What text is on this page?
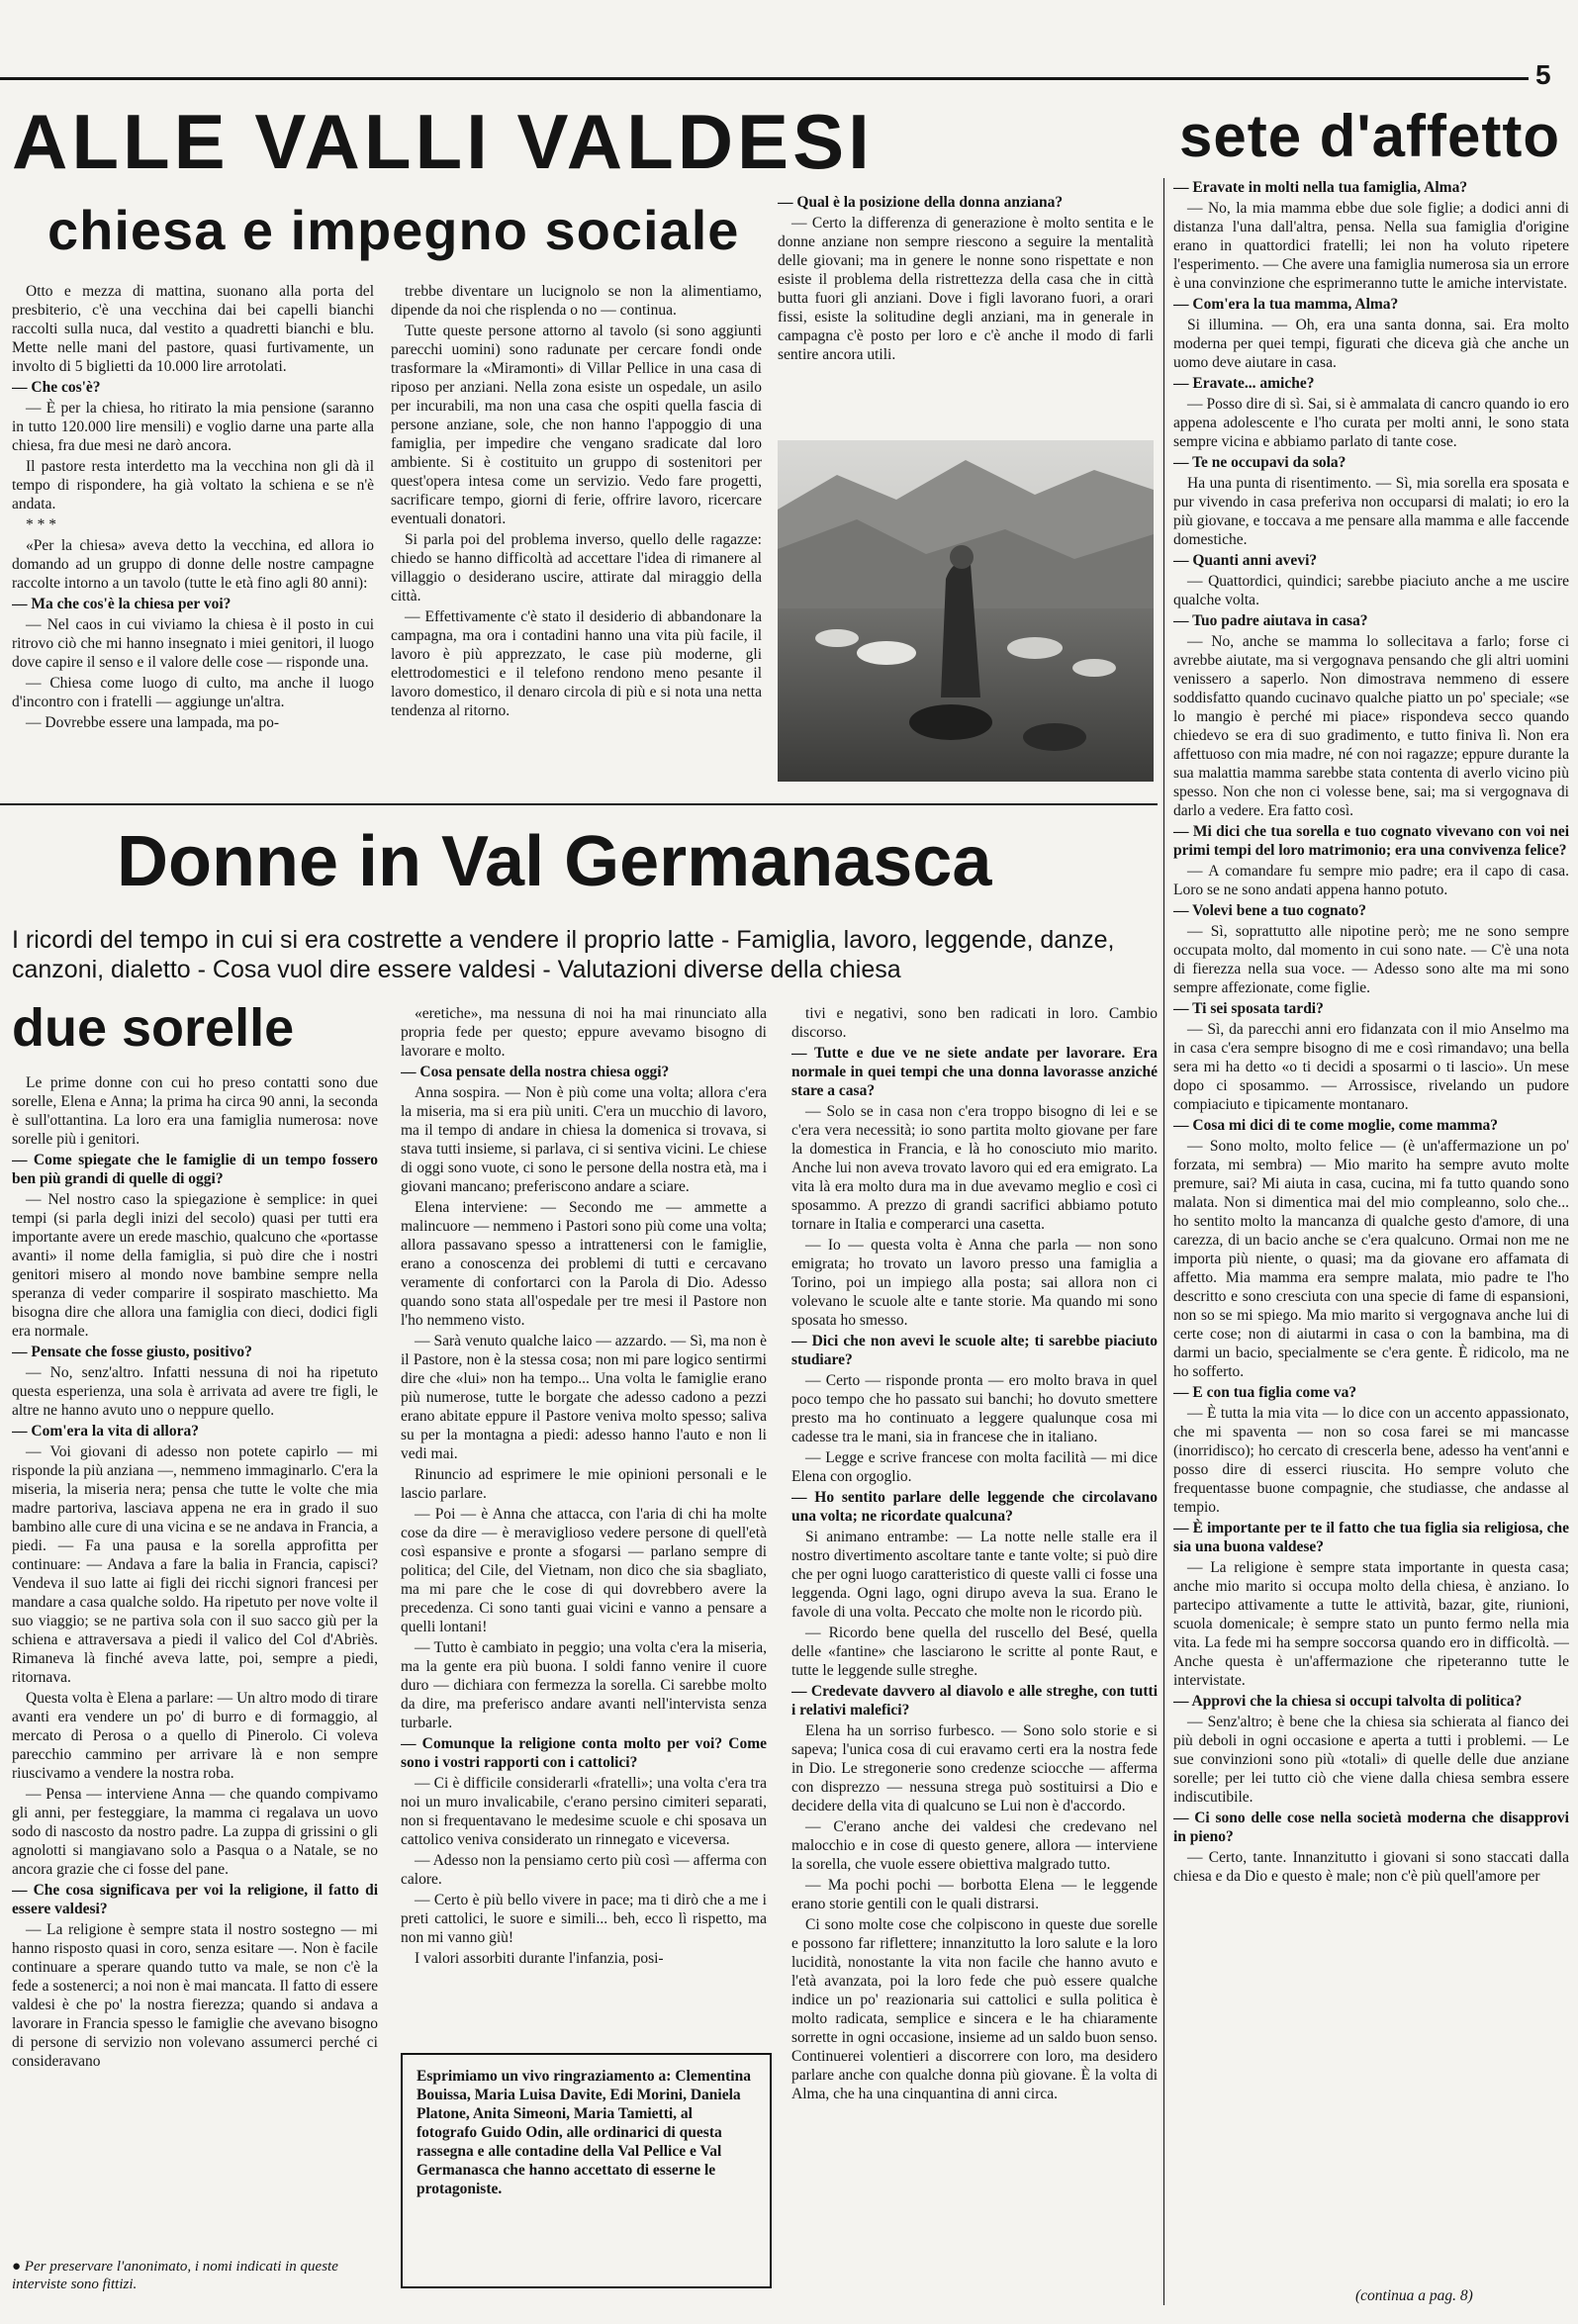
5
ALLE VALLI VALDESI
chiesa e impegno sociale
sete d'affetto

Otto e mezza di mattina, suonano alla porta del presbiterio, c'è una vecchina dai bei capelli bianchi raccolti sulla nuca, dal vestito a quadretti bianchi e blu. Mette nelle mani del pastore, quasi furtivamente, un involto di 5 biglietti da 10.000 lire arrotolati.

— Che cos'è?

— È per la chiesa, ho ritirato la mia pensione (saranno in tutto 120.000 lire mensili) e voglio darne una parte alla chiesa, fra due mesi ne darò ancora.

Il pastore resta interdetto ma la vecchina non gli dà il tempo di rispondere, ha già voltato la schiena e se n'è andata.

* * *

«Per la chiesa» aveva detto la vecchina, ed allora io domando ad un gruppo di donne delle nostre campagne raccolte intorno a un tavolo (tutte le età fino agli 80 anni):

— Ma che cos'è la chiesa per voi?

— Nel caos in cui viviamo la chiesa è il posto in cui ritrovo ciò che mi hanno insegnato i miei genitori, il luogo dove capire il senso e il valore delle cose — risponde una.

— Chiesa come luogo di culto, ma anche il luogo d'incontro con i fratelli — aggiunge un'altra.

— Dovrebbe essere una lampada, ma po-

trebbe diventare un lucignolo se non la alimentiamo, dipende da noi che risplenda o no — continua.

Tutte queste persone attorno al tavolo (si sono aggiunti parecchi uomini) sono radunate per cercare fondi onde trasformare la «Miramonti» di Villar Pellice in una casa di riposo per anziani. Nella zona esiste un ospedale, un asilo per incurabili, ma non una casa che ospiti quella fascia di persone anziane, sole, che non hanno l'appoggio di una famiglia, per impedire che vengano sradicate dal loro ambiente. Si è costituito un gruppo di sostenitori per quest'opera intesa come un servizio. Vedo fare progetti, sacrificare tempo, giorni di ferie, offrire lavoro, ricercare eventuali donatori.

Si parla poi del problema inverso, quello delle ragazze: chiedo se hanno difficoltà ad accettare l'idea di rimanere al villaggio o desiderano uscire, attirate dal miraggio della città.

— Effettivamente c'è stato il desiderio di abbandonare la campagna, ma ora i contadini hanno una vita più facile, il lavoro è più apprezzato, le case più moderne, gli elettrodomestici e il telefono rendono meno pesante il lavoro domestico, il denaro circola di più e si nota una netta tendenza al ritorno.

— Qual è la posizione della donna anziana?

— Certo la differenza di generazione è molto sentita e le donne anziane non sempre riescono a seguire la mentalità delle giovani; ma in genere le nonne sono rispettate e non esiste il problema della ristrettezza della casa che in città butta fuori gli anziani. Dove i figli lavorano fuori, a orari fissi, esiste la solitudine degli anziani, ma in generale in campagna c'è posto per loro e c'è anche il modo di farli sentire ancora utili.

— Eravate in molti nella tua famiglia, Alma?

— No, la mia mamma ebbe due sole figlie; a dodici anni di distanza l'una dall'altra, pensa. Nella sua famiglia d'origine erano in quattordici fratelli; lei non ha voluto ripetere l'esperimento. — Che avere una famiglia numerosa sia un errore è una convinzione che esprimeranno tutte le amiche intervistate.

— Com'era la tua mamma, Alma?

Si illumina. — Oh, era una santa donna, sai. Era molto moderna per quei tempi, figurati che diceva già che anche un uomo deve aiutare in casa.

— Eravate... amiche?

— Posso dire di sì. Sai, si è ammalata di cancro quando io ero appena adolescente e l'ho curata per molti anni, le sono stata sempre vicina e abbiamo parlato di tante cose.

— Te ne occupavi da sola?

Ha una punta di risentimento. — Sì, mia sorella era sposata e pur vivendo in casa preferiva non occuparsi di malati; io ero la più giovane, e toccava a me pensare alla mamma e alle faccende domestiche.

— Quanti anni avevi?

— Quattordici, quindici; sarebbe piaciuto anche a me uscire qualche volta.

— Tuo padre aiutava in casa?

— No, anche se mamma lo sollecitava a farlo; forse ci avrebbe aiutate, ma si vergognava pensando che gli altri uomini venissero a saperlo. Non dimostrava nemmeno di essere soddisfatto quando cucinavo qualche piatto un po' speciale; «se lo mangio è perché mi piace» rispondeva secco quando chiedevo se era di suo gradimento, e tutto finiva lì. Non era affettuoso con mia madre, né con noi ragazze; eppure durante la sua malattia mamma sarebbe stata contenta di averlo vicino più spesso. Non che non ci volesse bene, sai; ma si vergognava di darlo a vedere. Era fatto così.

— Mi dici che tua sorella e tuo cognato vivevano con voi nei primi tempi del loro matrimonio; era una convivenza felice?

— A comandare fu sempre mio padre; era il capo di casa. Loro se ne sono andati appena hanno potuto.

— Volevi bene a tuo cognato?

— Sì, soprattutto alle nipotine però; me ne sono sempre occupata molto, dal momento in cui sono nate. — C'è una nota di fierezza nella sua voce. — Adesso sono alte ma mi sono sempre affezionate, come figlie.

— Ti sei sposata tardi?

— Sì, da parecchi anni ero fidanzata con il mio Anselmo ma in casa c'era sempre bisogno di me e così rimandavo; una bella sera mi ha detto «o ti decidi a sposarmi o ti lascio». Un mese dopo ci sposammo. — Arrossisce, rivelando un pudore compiaciuto e tipicamente montanaro.

— Cosa mi dici di te come moglie, come mamma?

— Sono molto, molto felice — (è un'affermazione un po' forzata, mi sembra) — Mio marito ha sempre avuto molte premure, sai? Mi aiuta in casa, cucina, mi fa tutto quando sono malata. Non si dimentica mai del mio compleanno, solo che... ho sentito molto la mancanza di qualche gesto d'amore, di una carezza, di un bacio anche se c'era qualcuno. Ormai non me ne importa più niente, o quasi; ma da giovane ero affamata di affetto. Mia mamma era sempre malata, mio padre te l'ho descritto e sono cresciuta con una specie di fame di espansioni, non so se mi spiego. Ma mio marito si vergognava anche lui di certe cose; non di aiutarmi in casa o con la bambina, ma di darmi un bacio, specialmente se c'era gente. È ridicolo, ma ne ho sofferto.

— E con tua figlia come va?

— È tutta la mia vita — lo dice con un accento appassionato, che mi spaventa — non so cosa farei se mi mancasse (inorridisco); ho cercato di crescerla bene, adesso ha vent'anni e posso dire di esserci riuscita. Ho sempre voluto che frequentasse buone compagnie, che studiasse, che andasse al tempio.

— È importante per te il fatto che tua figlia sia religiosa, che sia una buona valdese?

— La religione è sempre stata importante in questa casa; anche mio marito si occupa molto della chiesa, è anziano. Io partecipo attivamente a tutte le attività, bazar, gite, riunioni, scuola domenicale; è sempre stato un punto fermo nella mia vita. La fede mi ha sempre soccorsa quando ero in difficoltà. — Anche questa è un'affermazione che ripeteranno tutte le intervistate.

— Approvi che la chiesa si occupi talvolta di politica?

— Senz'altro; è bene che la chiesa sia schierata al fianco dei più deboli in ogni occasione e aperta a tutti i problemi. — Le sue convinzioni sono più «totali» di quelle delle due anziane sorelle; per lei tutto ciò che viene dalla chiesa sembra essere indiscutibile.

— Ci sono delle cose nella società moderna che disapprovi in pieno?

— Certo, tante. Innanzitutto i giovani si sono staccati dalla chiesa e da Dio e questo è male; non c'è più quell'amore per

(continua a pag. 8)
Donne in Val Germanasca
I ricordi del tempo in cui si era costrette a vendere il proprio latte - Famiglia, lavoro, leggende, danze, canzoni, dialetto - Cosa vuol dire essere valdesi - Valutazioni diverse della chiesa
due sorelle

Le prime donne con cui ho preso contatti sono due sorelle, Elena e Anna; la prima ha circa 90 anni, la seconda è sull'ottantina. La loro era una famiglia numerosa: nove sorelle più i genitori.

— Come spiegate che le famiglie di un tempo fossero ben più grandi di quelle di oggi?

— Nel nostro caso la spiegazione è semplice: in quei tempi (si parla degli inizi del secolo) quasi per tutti era importante avere un erede maschio, qualcuno che «portasse avanti» il nome della famiglia, si può dire che i nostri genitori misero al mondo nove bambine sempre nella speranza di veder comparire il sospirato maschietto. Ma bisogna dire che allora una famiglia con dieci, dodici figli era normale.

— Pensate che fosse giusto, positivo?

— No, senz'altro. Infatti nessuna di noi ha ripetuto questa esperienza, una sola è arrivata ad avere tre figli, le altre ne hanno avuto uno o neppure quello.

— Com'era la vita di allora?

— Voi giovani di adesso non potete capirlo — mi risponde la più anziana —, nemmeno immaginarlo. C'era la miseria, la miseria nera; pensa che tutte le volte che mia madre partoriva, lasciava appena ne era in grado il suo bambino alle cure di una vicina e se ne andava in Francia, a piedi. — Fa una pausa e la sorella approfitta per continuare: — Andava a fare la balia in Francia, capisci? Vendeva il suo latte ai figli dei ricchi signori francesi per mandare a casa qualche soldo. Ha ripetuto per nove volte il suo viaggio; se ne partiva sola con il suo sacco giù per la schiena e attraversava a piedi il valico del Col d'Abriès. Rimaneva là finché aveva latte, poi, sempre a piedi, ritornava.

Questa volta è Elena a parlare: — Un altro modo di tirare avanti era vendere un po' di burro e di formaggio, al mercato di Perosa o a quello di Pinerolo. Ci voleva parecchio cammino per arrivare là e non sempre riuscivamo a vendere la nostra roba.

— Pensa — interviene Anna — che quando compivamo gli anni, per festeggiare, la mamma ci regalava un uovo sodo di nascosto da nostro padre. La zuppa di grissini o gli agnolotti si mangiavano solo a Pasqua o a Natale, se no ancora grazie che ci fosse del pane.

— Che cosa significava per voi la religione, il fatto di essere valdesi?

— La religione è sempre stata il nostro sostegno — mi hanno risposto quasi in coro, senza esitare —. Non è facile continuare a sperare quando tutto va male, se non c'è la fede a sostenerci; a noi non è mai mancata. Il fatto di essere valdesi è che po' la nostra fierezza; quando si andava a lavorare in Francia spesso le famiglie che avevano bisogno di persone di servizio non volevano assumerci perché ci consideravano

«eretiche», ma nessuna di noi ha mai rinunciato alla propria fede per questo; eppure avevamo bisogno di lavorare e molto.

— Cosa pensate della nostra chiesa oggi?

Anna sospira. — Non è più come una volta; allora c'era la miseria, ma si era più uniti. C'era un mucchio di lavoro, ma il tempo di andare in chiesa la domenica si trovava, si stava tutti insieme, si parlava, ci si sentiva vicini. Le chiese di oggi sono vuote, ci sono le persone della nostra età, ma i giovani mancano; preferiscono andare a sciare.

Elena interviene: — Secondo me — ammette a malincuore — nemmeno i Pastori sono più come una volta; allora passavano spesso a intrattenersi con le famiglie, erano a conoscenza dei problemi di tutti e cercavano veramente di confortarci con la Parola di Dio. Adesso quando sono stata all'ospedale per tre mesi il Pastore non l'ho nemmeno visto.

— Sarà venuto qualche laico — azzardo. — Sì, ma non è il Pastore, non è la stessa cosa; non mi pare logico sentirmi dire che «lui» non ha tempo... Una volta le famiglie erano più numerose, tutte le borgate che adesso cadono a pezzi erano abitate eppure il Pastore veniva molto spesso; saliva su per la montagna a piedi: adesso hanno l'auto e non li vedi mai.

Rinuncio ad esprimere le mie opinioni personali e le lascio parlare.

— Poi — è Anna che attacca, con l'aria di chi ha molte cose da dire — è meraviglioso vedere persone di quell'età così espansive e pronte a sfogarsi — parlano sempre di politica; del Cile, del Vietnam, non dico che sia sbagliato, ma mi pare che le cose di qui dovrebbero avere la precedenza. Ci sono tanti guai vicini e vanno a pensare a quelli lontani!

— Tutto è cambiato in peggio; una volta c'era la miseria, ma la gente era più buona. I soldi fanno venire il cuore duro — dichiara con fermezza la sorella. Ci sarebbe molto da dire, ma preferisco andare avanti nell'intervista senza turbarle.

— Comunque la religione conta molto per voi? Come sono i vostri rapporti con i cattolici?

— Ci è difficile considerarli «fratelli»; una volta c'era tra noi un muro invalicabile, c'erano persino cimiteri separati, non si frequentavano le medesime scuole e chi sposava un cattolico veniva considerato un rinnegato e viceversa.

— Adesso non la pensiamo certo più così — afferma con calore.

— Certo è più bello vivere in pace; ma ti dirò che a me i preti cattolici, le suore e simili... beh, ecco lì rispetto, ma non mi vanno giù!

I valori assorbiti durante l'infanzia, posi-

tivi e negativi, sono ben radicati in loro. Cambio discorso.

— Tutte e due ve ne siete andate per lavorare. Era normale in quei tempi che una donna lavorasse anziché stare a casa?

— Solo se in casa non c'era troppo bisogno di lei e se c'era vera necessità; io sono partita molto giovane per fare la domestica in Francia, e là ho conosciuto mio marito. Anche lui non aveva trovato lavoro qui ed era emigrato. La vita là era molto dura ma in due avevamo meglio e così ci sposammo. A prezzo di grandi sacrifici abbiamo potuto tornare in Italia e comperarci una casetta.

— Io — questa volta è Anna che parla — non sono emigrata; ho trovato un lavoro presso una famiglia a Torino, poi un impiego alla posta; sai allora non ci volevano le scuole alte e tante storie. Ma quando mi sono sposata ho smesso.

— Dici che non avevi le scuole alte; ti sarebbe piaciuto studiare?

— Certo — risponde pronta — ero molto brava in quel poco tempo che ho passato sui banchi; ho dovuto smettere presto ma ho continuato a leggere qualunque cosa mi cadesse tra le mani, sia in francese che in italiano.

— Legge e scrive francese con molta facilità — mi dice Elena con orgoglio.

— Ho sentito parlare delle leggende che circolavano una volta; ne ricordate qualcuna?

Si animano entrambe: — La notte nelle stalle era il nostro divertimento ascoltare tante e tante volte; si può dire che per ogni luogo caratteristico di queste valli ci fosse una leggenda. Ogni lago, ogni dirupo aveva la sua. Erano le favole di una volta. Peccato che molte non le ricordo più.

— Ricordo bene quella del ruscello del Besé, quella delle «fantine» che lasciarono le scritte al ponte Raut, e tutte le leggende sulle streghe.

— Credevate davvero al diavolo e alle streghe, con tutti i relativi malefici?

Elena ha un sorriso furbesco. — Sono solo storie e si sapeva; l'unica cosa di cui eravamo certi era la nostra fede in Dio. Le stregonerie sono credenze sciocche — afferma con disprezzo — nessuna strega può sostituirsi a Dio e decidere della vita di qualcuno se Lui non è d'accordo.

— C'erano anche dei valdesi che credevano nel malocchio e in cose di questo genere, allora — interviene la sorella, che vuole essere obiettiva malgrado tutto.

— Ma pochi pochi — borbotta Elena — le leggende erano storie gentili con le quali distrarsi.

Ci sono molte cose che colpiscono in queste due sorelle e possono far riflettere; innanzitutto la loro salute e la loro lucidità, nonostante la vita non facile che hanno avuto e l'età avanzata, poi la loro fede che può essere qualche indice un po' reazionaria sui cattolici e sulla politica è molto radicata, semplice e sincera e le ha chiaramente sorrette in ogni occasione, insieme ad un saldo buon senso. Continuerei volentieri a discorrere con loro, ma desidero parlare anche con qualche donna più giovane. È la volta di Alma, che ha una cinquantina di anni circa.

Esprimiamo un vivo ringraziamento a: Clementina Bouissa, Maria Luisa Davite, Edi Morini, Daniela Platone, Anita Simeoni, Maria Tamietti, al fotografo Guido Odin, alle ordinarici di questa rassegna e alle contadine della Val Pellice e Val Germanasca che hanno accettato di esserne le protagoniste.
● Per preservare l'anonimato, i nomi indicati in queste interviste sono fittizi.
